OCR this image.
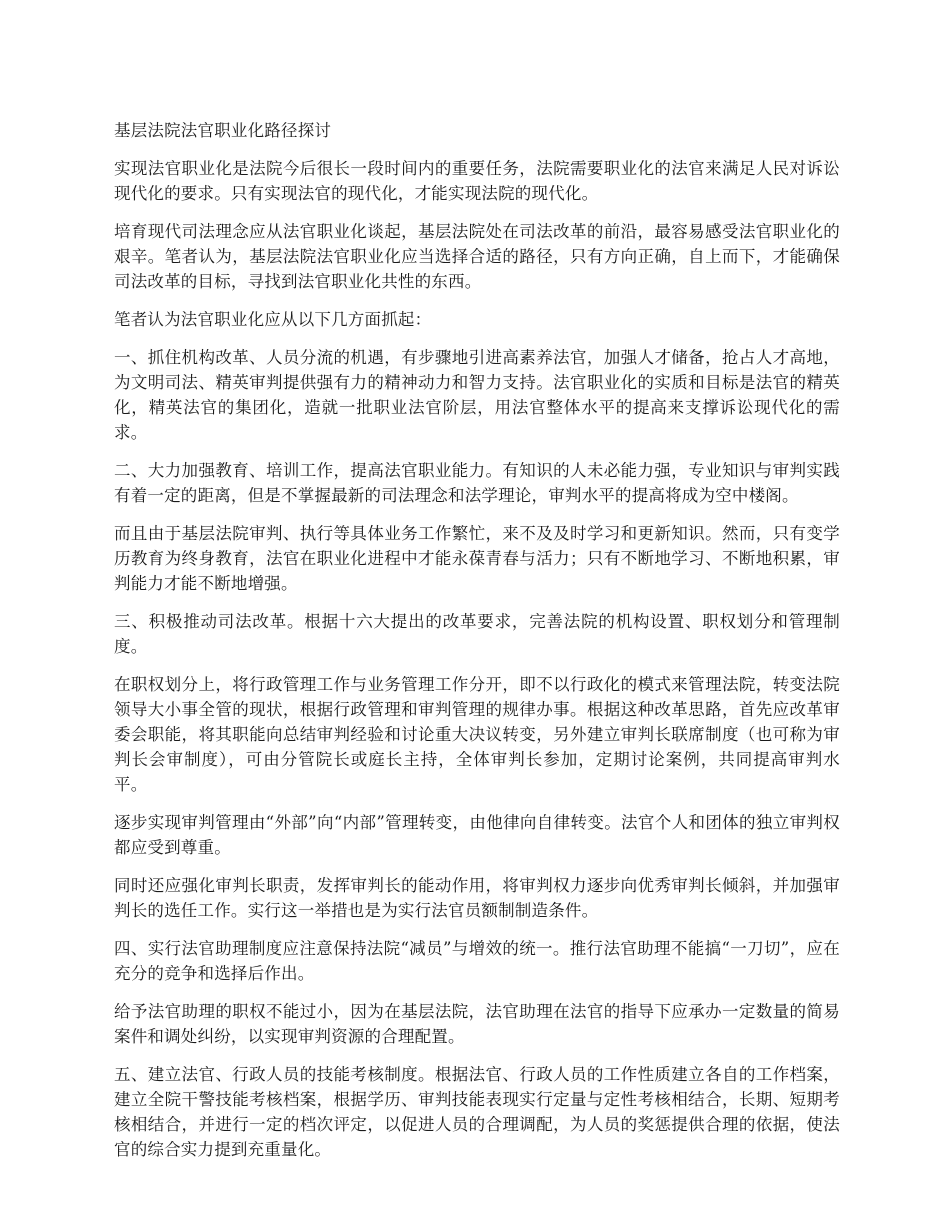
基层法院法官职业化路径探讨

实现法官职业化是法院今后很长一段时间内的重要任务，法院需要职业化的法官来满足人民对诉讼现代化的要求。只有实现法官的现代化，才能实现法院的现代化。

培育现代司法理念应从法官职业化谈起，基层法院处在司法改革的前沿，最容易感受法官职业化的艰辛。笔者认为，基层法院法官职业化应当选择合适的路径，只有方向正确，自上而下，才能确保司法改革的目标，寻找到法官职业化共性的东西。

笔者认为法官职业化应从以下几方面抓起：

一、抓住机构改革、人员分流的机遇，有步骤地引进高素养法官，加强人才储备，抢占人才高地，为文明司法、精英审判提供强有力的精神动力和智力支持。法官职业化的实质和目标是法官的精英化，精英法官的集团化，造就一批职业法官阶层，用法官整体水平的提高来支撑诉讼现代化的需求。

二、大力加强教育、培训工作，提高法官职业能力。有知识的人未必能力强，专业知识与审判实践有着一定的距离，但是不掌握最新的司法理念和法学理论，审判水平的提高将成为空中楼阁。

而且由于基层法院审判、执行等具体业务工作繁忙，来不及及时学习和更新知识。然而，只有变学历教育为终身教育，法官在职业化进程中才能永葆青春与活力；只有不断地学习、不断地积累，审判能力才能不断地增强。

三、积极推动司法改革。根据十六大提出的改革要求，完善法院的机构设置、职权划分和管理制度。

在职权划分上，将行政管理工作与业务管理工作分开，即不以行政化的模式来管理法院，转变法院领导大小事全管的现状，根据行政管理和审判管理的规律办事。根据这种改革思路，首先应改革审委会职能，将其职能向总结审判经验和讨论重大决议转变，另外建立审判长联席制度（也可称为审判长会审制度），可由分管院长或庭长主持，全体审判长参加，定期讨论案例，共同提高审判水平。

逐步实现审判管理由“外部”向“内部”管理转变，由他律向自律转变。法官个人和团体的独立审判权都应受到尊重。

同时还应强化审判长职责，发挥审判长的能动作用，将审判权力逐步向优秀审判长倾斜，并加强审判长的选任工作。实行这一举措也是为实行法官员额制制造条件。

四、实行法官助理制度应注意保持法院“减员”与增效的统一。推行法官助理不能搞“一刀切”，应在充分的竞争和选择后作出。

给予法官助理的职权不能过小，因为在基层法院，法官助理在法官的指导下应承办一定数量的简易案件和调处纠纷，以实现审判资源的合理配置。

五、建立法官、行政人员的技能考核制度。根据法官、行政人员的工作性质建立各自的工作档案，建立全院干警技能考核档案，根据学历、审判技能表现实行定量与定性考核相结合，长期、短期考核相结合，并进行一定的档次评定，以促进人员的合理调配，为人员的奖惩提供合理的依据，使法官的综合实力提到充重量化。
